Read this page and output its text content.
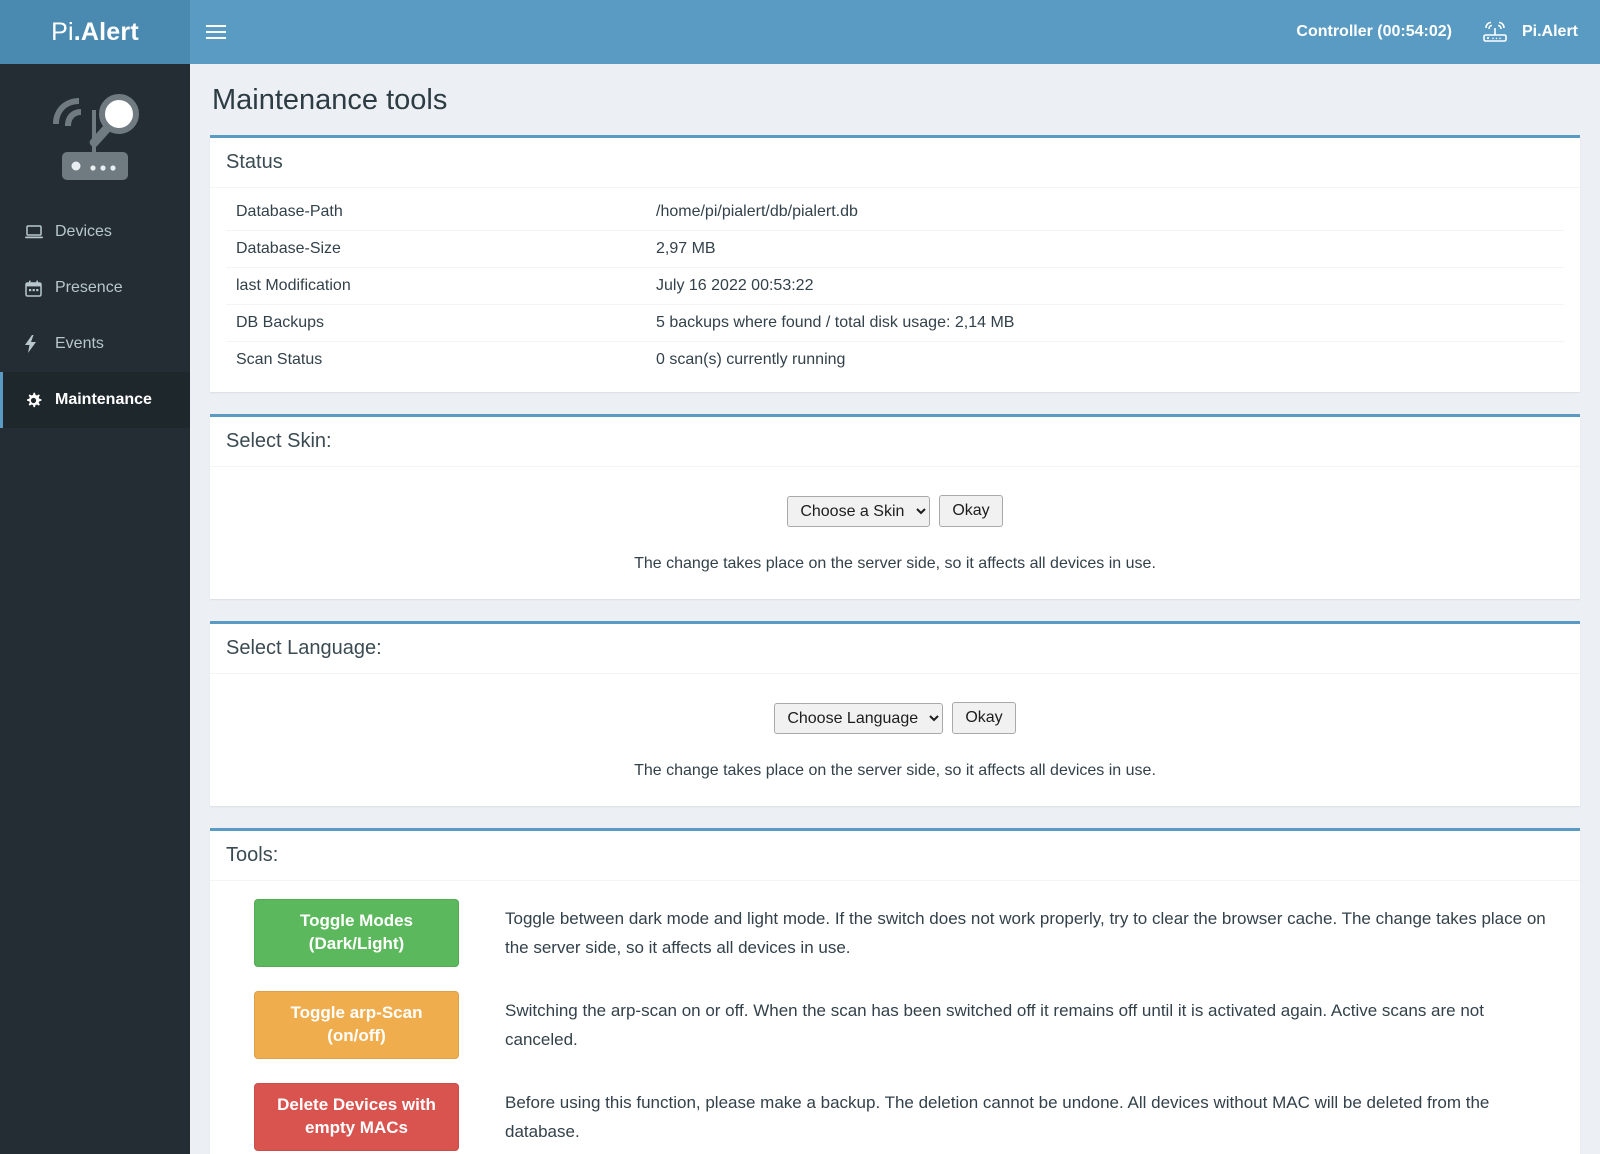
Pi .Alert	Controller (00:54:02)	Pi.Alert
Devices
Presence
Events
Maintenance
Maintenance tools
Status
Database-Path	/home/pi/pialert/db/pialert.db
Database-Size	2,97 MB
last Modification	July 16 2022 00:53:22
DB Backups	5 backups where found / total disk usage: 2,14 MB
Scan Status	0 scan(s) currently running
Select Skin:
Choose a Skin
Okay
The change takes place on the server side, so it affects all devices in use.
Select Language:
Choose Language
Okay
The change takes place on the server side, so it affects all devices in use.
Tools:
Toggle Modes
(Dark/Light)
Toggle between dark mode and light mode. If the switch does not work properly, try to clear the browser cache. The change takes place on the server side, so it affects all devices in use.
Toggle arp-Scan
(on/off)
Switching the arp-scan on or off. When the scan has been switched off it remains off until it is activated again. Active scans are not canceled.
Delete Devices with
empty MACs
Before using this function, please make a backup. The deletion cannot be undone. All devices without MAC will be deleted from the database.
